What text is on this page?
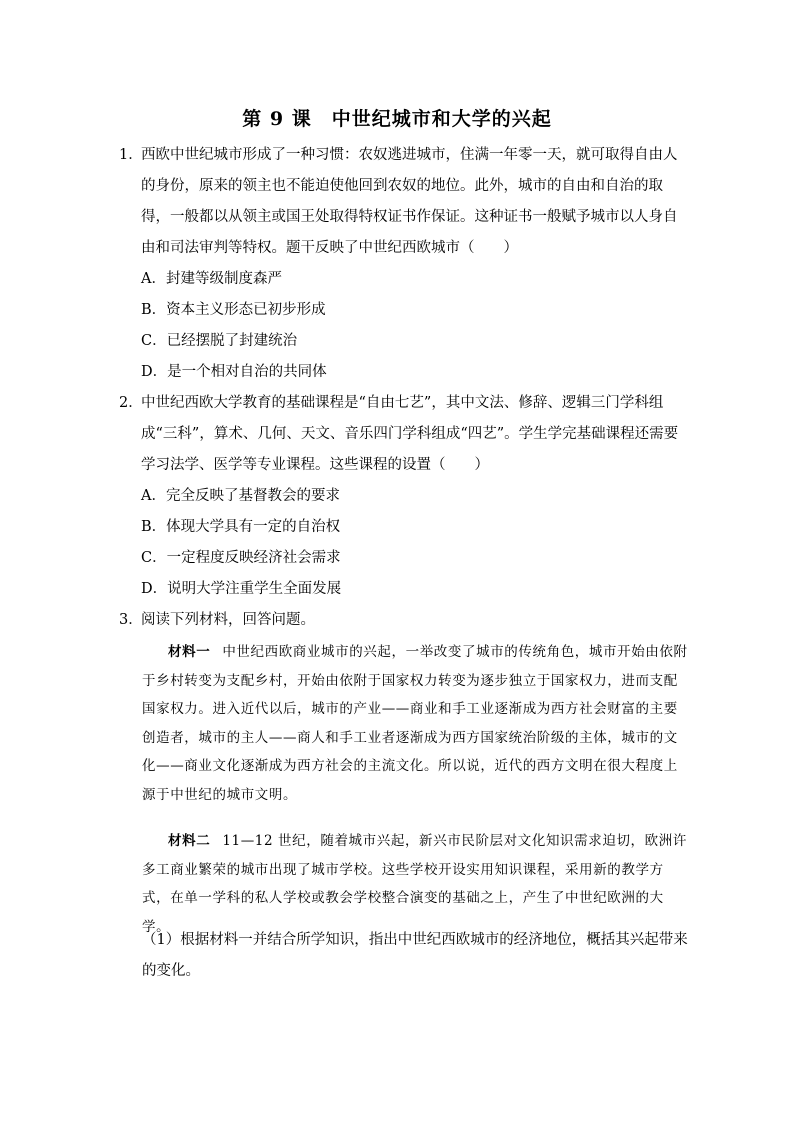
第 9 课　中世纪城市和大学的兴起
1．
西欧中世纪城市形成了一种习惯：农奴逃进城市，住满一年零一天，就可取得自由人的身份，原来的领主也不能迫使他回到农奴的地位。此外，城市的自由和自治的取得，一般都以从领主或国王处取得特权证书作保证。这种证书一般赋予城市以人身自由和司法审判等特权。题干反映了中世纪西欧城市（　　）
A．封建等级制度森严
B．资本主义形态已初步形成
C．已经摆脱了封建统治
D．是一个相对自治的共同体
2．
中世纪西欧大学教育的基础课程是“自由七艺”，其中文法、修辞、逻辑三门学科组成“三科”，算术、几何、天文、音乐四门学科组成“四艺”。学生学完基础课程还需要学习法学、医学等专业课程。这些课程的设置（　　）
A．完全反映了基督教会的要求
B．体现大学具有一定的自治权
C．一定程度反映经济社会需求
D．说明大学注重学生全面发展
3．
阅读下列材料，回答问题。
材料一 中世纪西欧商业城市的兴起，一举改变了城市的传统角色，城市开始由依附于乡村转变为支配乡村，开始由依附于国家权力转变为逐步独立于国家权力，进而支配国家权力。进入近代以后，城市的产业——商业和手工业逐渐成为西方社会财富的主要创造者，城市的主人——商人和手工业者逐渐成为西方国家统治阶级的主体，城市的文化——商业文化逐渐成为西方社会的主流文化。所以说，近代的西方文明在很大程度上源于中世纪的城市文明。
材料二 11—12 世纪，随着城市兴起，新兴市民阶层对文化知识需求迫切，欧洲许多工商业繁荣的城市出现了城市学校。这些学校开设实用知识课程，采用新的教学方式，在单一学科的私人学校或教会学校整合演变的基础之上，产生了中世纪欧洲的大学。
（1）根据材料一并结合所学知识，指出中世纪西欧城市的经济地位，概括其兴起带来的变化。
